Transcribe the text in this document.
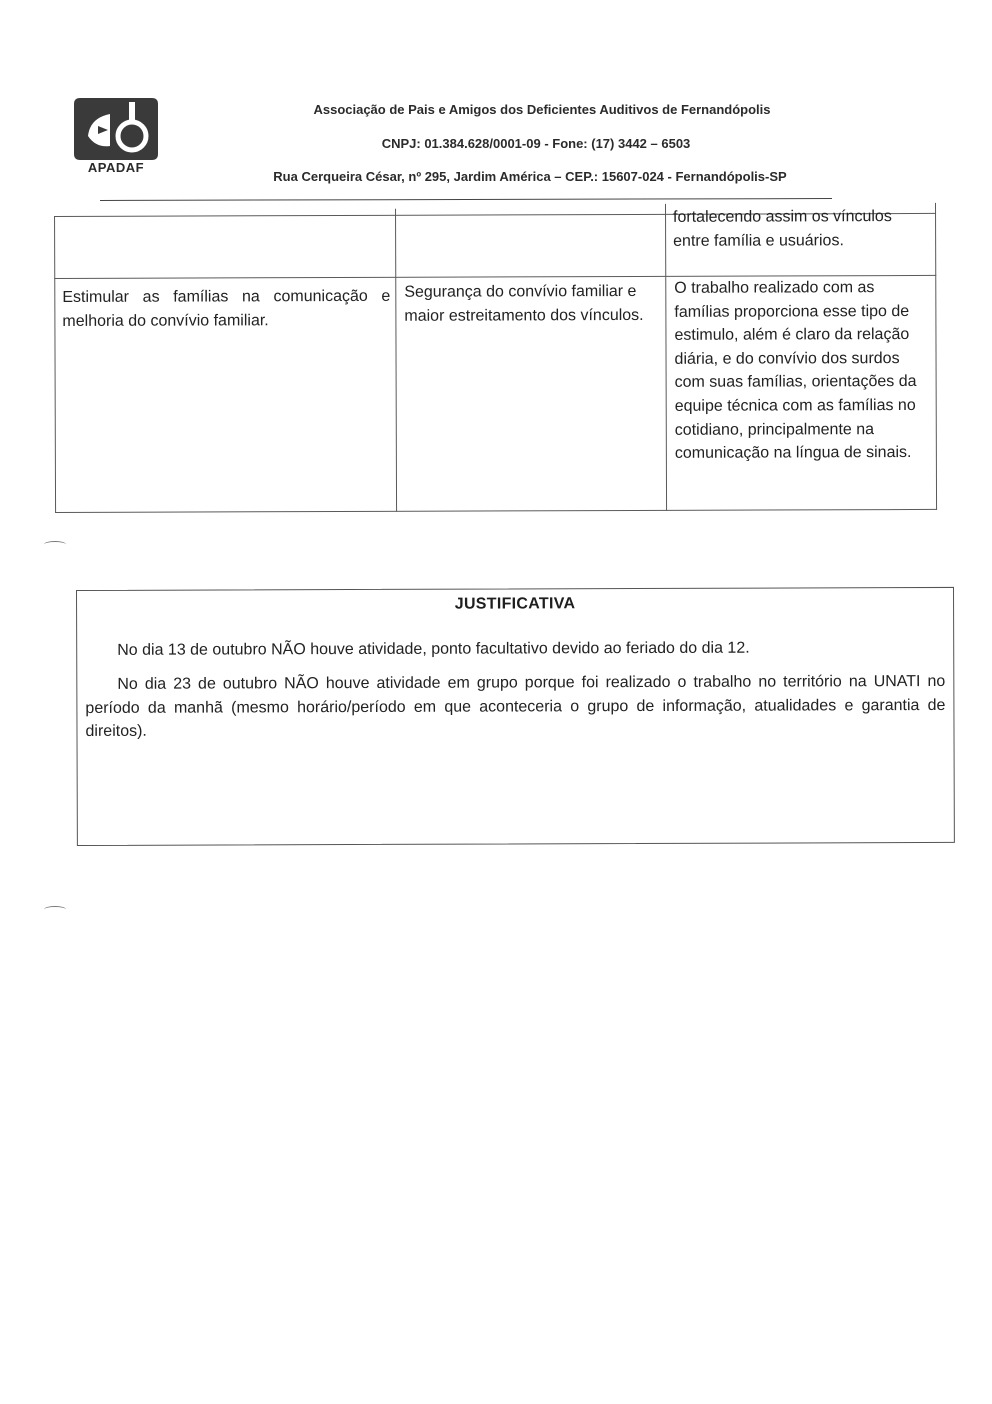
APADAF
Associação de Pais e Amigos dos Deficientes Auditivos de Fernandópolis
CNPJ: 01.384.628/0001-09 - Fone: (17) 3442 – 6503
Rua Cerqueira César, nº 295, Jardim América – CEP.: 15607-024 - Fernandópolis-SP
fortalecendo assim os vínculos entre família e usuários.
Estimular as famílias na comunicação e melhoria do convívio familiar.
Segurança do convívio familiar e maior estreitamento dos vínculos.
O trabalho realizado com as famílias proporciona esse tipo de estimulo, além é claro da relação diária, e do convívio dos surdos com suas famílias, orientações da equipe técnica com as famílias no cotidiano, principalmente na comunicação na língua de sinais.
JUSTIFICATIVA
No dia 13 de outubro NÃO houve atividade, ponto facultativo devido ao feriado do dia 12.
No dia 23 de outubro NÃO houve atividade em grupo porque foi realizado o trabalho no território na UNATI no período da manhã (mesmo horário/período em que aconteceria o grupo de informação, atualidades e garantia de direitos).
